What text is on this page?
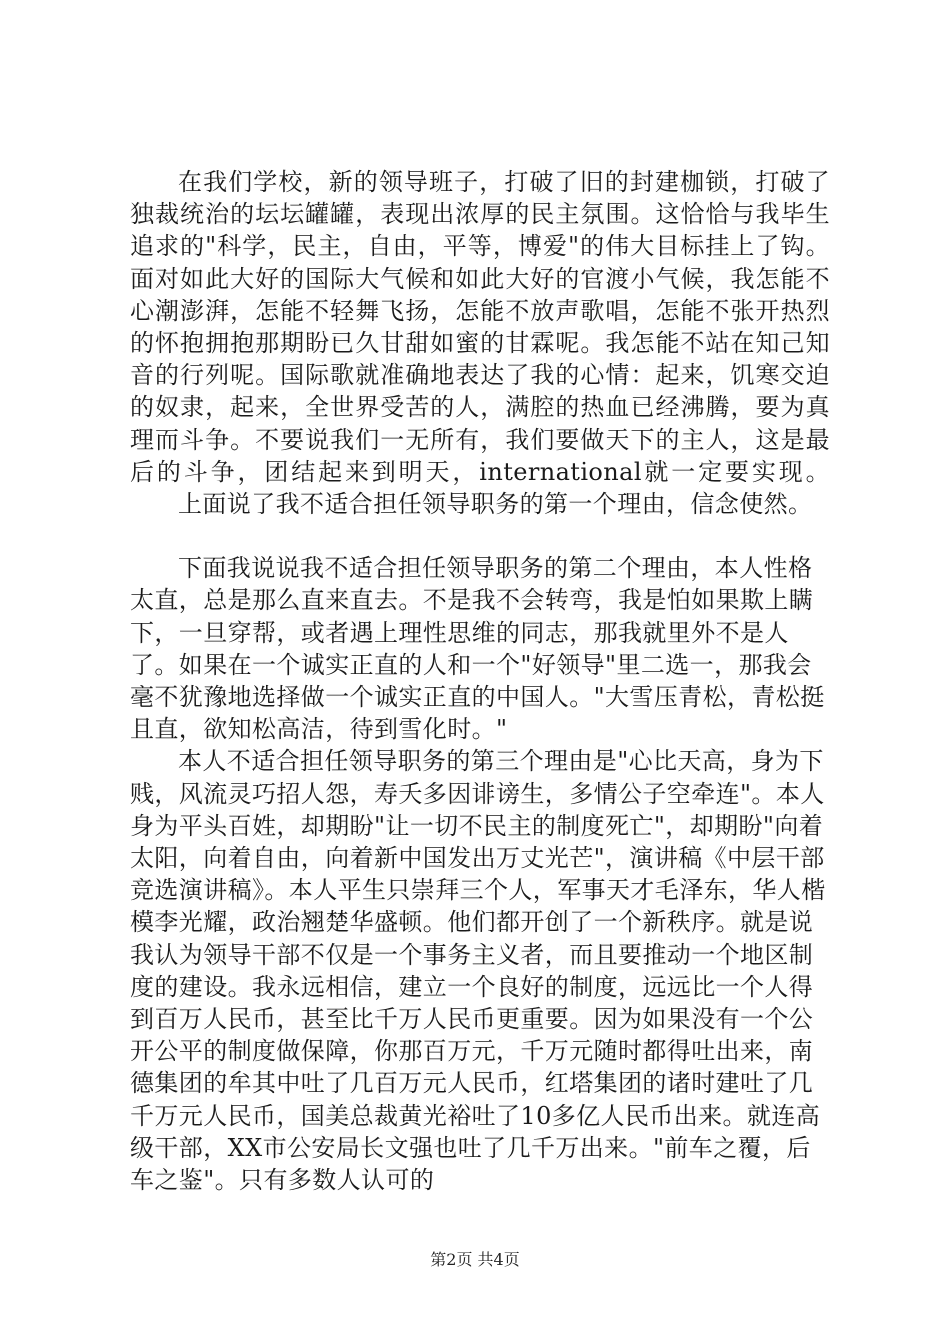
在我们学校，新的领导班子，打破了旧的封建枷锁，打破了独裁统治的坛坛罐罐，表现出浓厚的民主氛围。这恰恰与我毕生追求的"科学，民主，自由，平等，博爱"的伟大目标挂上了钩。面对如此大好的国际大气候和如此大好的官渡小气候，我怎能不心潮澎湃，怎能不轻舞飞扬，怎能不放声歌唱，怎能不张开热烈的怀抱拥抱那期盼已久甘甜如蜜的甘霖呢。我怎能不站在知己知音的行列呢。国际歌就准确地表达了我的心情：起来，饥寒交迫的奴隶，起来，全世界受苦的人，满腔的热血已经沸腾，要为真理而斗争。不要说我们一无所有，我们要做天下的主人，这是最后的斗争，团结起来到明天，international就一定要实现。

上面说了我不适合担任领导职务的第一个理由，信念使然。

下面我说说我不适合担任领导职务的第二个理由，本人性格太直，总是那么直来直去。不是我不会转弯，我是怕如果欺上瞒下，一旦穿帮，或者遇上理性思维的同志，那我就里外不是人了。如果在一个诚实正直的人和一个"好领导"里二选一，那我会毫不犹豫地选择做一个诚实正直的中国人。"大雪压青松，青松挺且直，欲知松高洁，待到雪化时。"

本人不适合担任领导职务的第三个理由是"心比天高，身为下贱，风流灵巧招人怨，寿夭多因诽谤生，多情公子空牵连"。本人身为平头百姓，却期盼"让一切不民主的制度死亡"，却期盼"向着太阳，向着自由，向着新中国发出万丈光芒"，演讲稿《中层干部竞选演讲稿》。本人平生只崇拜三个人，军事天才毛泽东，华人楷模李光耀，政治翘楚华盛顿。他们都开创了一个新秩序。就是说我认为领导干部不仅是一个事务主义者，而且要推动一个地区制度的建设。我永远相信，建立一个良好的制度，远远比一个人得到百万人民币，甚至比千万人民币更重要。因为如果没有一个公开公平的制度做保障，你那百万元，千万元随时都得吐出来，南德集团的牟其中吐了几百万元人民币，红塔集团的诸时建吐了几千万元人民币，国美总裁黄光裕吐了10多亿人民币出来。就连高级干部，XX市公安局长文强也吐了几千万出来。"前车之覆，后车之鉴"。只有多数人认可的

第2页 共4页
